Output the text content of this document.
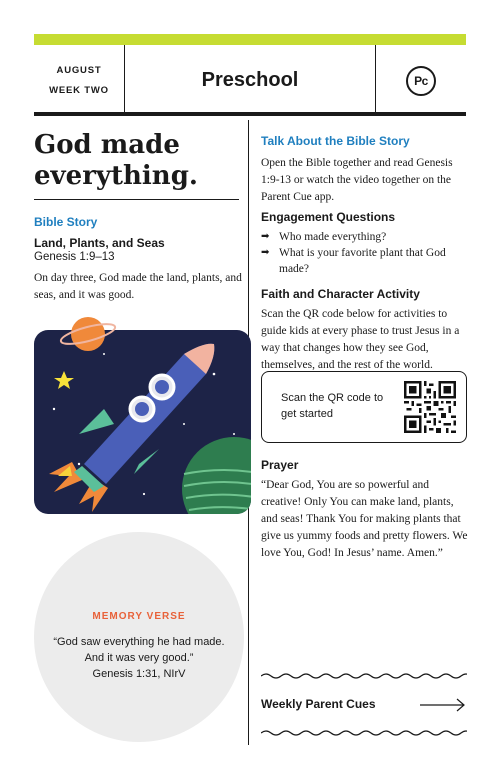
AUGUST
WEEK TWO	Preschool	Pc
God made everything.
Bible Story
Land, Plants, and Seas
Genesis 1:9–13
On day three, God made the land, plants, and seas, and it was good.
MEMORY VERSE
“God saw everything he had made. And it was very good.”
Genesis 1:31, NIrV
Talk About the Bible Story
Open the Bible together and read Genesis 1:9-13 or watch the video together on the Parent Cue app.
Engagement Questions
➡ Who made everything?
➡ What is your favorite plant that God made?
Faith and Character Activity
Scan the QR code below for activities to guide kids at every phase to trust Jesus in a way that changes how they see God, themselves, and the rest of the world.
Scan the QR code to get started
Prayer
“Dear God, You are so powerful and creative! Only You can make land, plants, and seas! Thank You for making plants that give us yummy foods and pretty flowers. We love You, God! In Jesus’ name. Amen.”
Weekly Parent Cues
